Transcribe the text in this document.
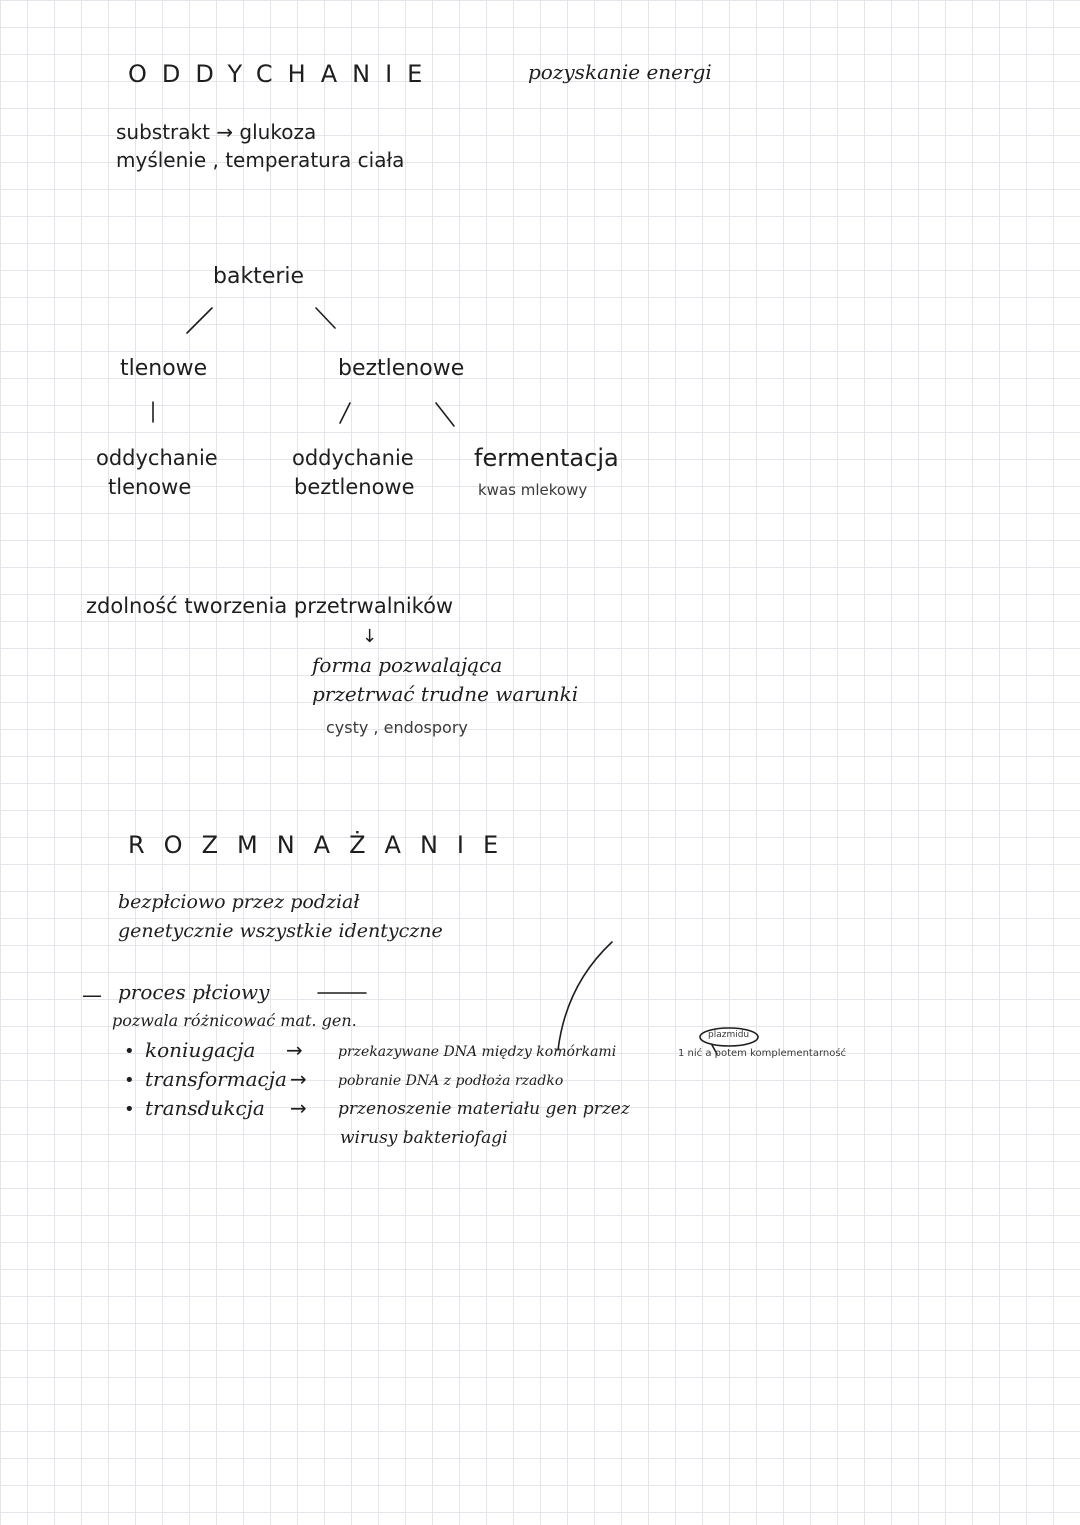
ODDYCHANIE	pozyskanie energi
substrakt → glukoza
myślenie , temperatura ciała
bakterie
tlenowe	beztlenowe
oddychanie
tlenowe
oddychanie
beztlenowe
fermentacja
kwas mlekowy
zdolność tworzenia przetrwalników
↓
forma pozwalająca
przetrwać trudne warunki
cysty , endospory
ROZMNAŻANIE
bezpłciowo przez podział
genetycznie wszystkie identyczne
— proces płciowy
pozwala różnicować mat. gen.
• koniugacja →	przekazywane DNA między komórkami
• transformacja → pobranie DNA z podłoża rzadko
• transdukcja → przenoszenie materiału gen przez
wirusy bakteriofagi
1 nić a potem komplementarność
plazmidu
